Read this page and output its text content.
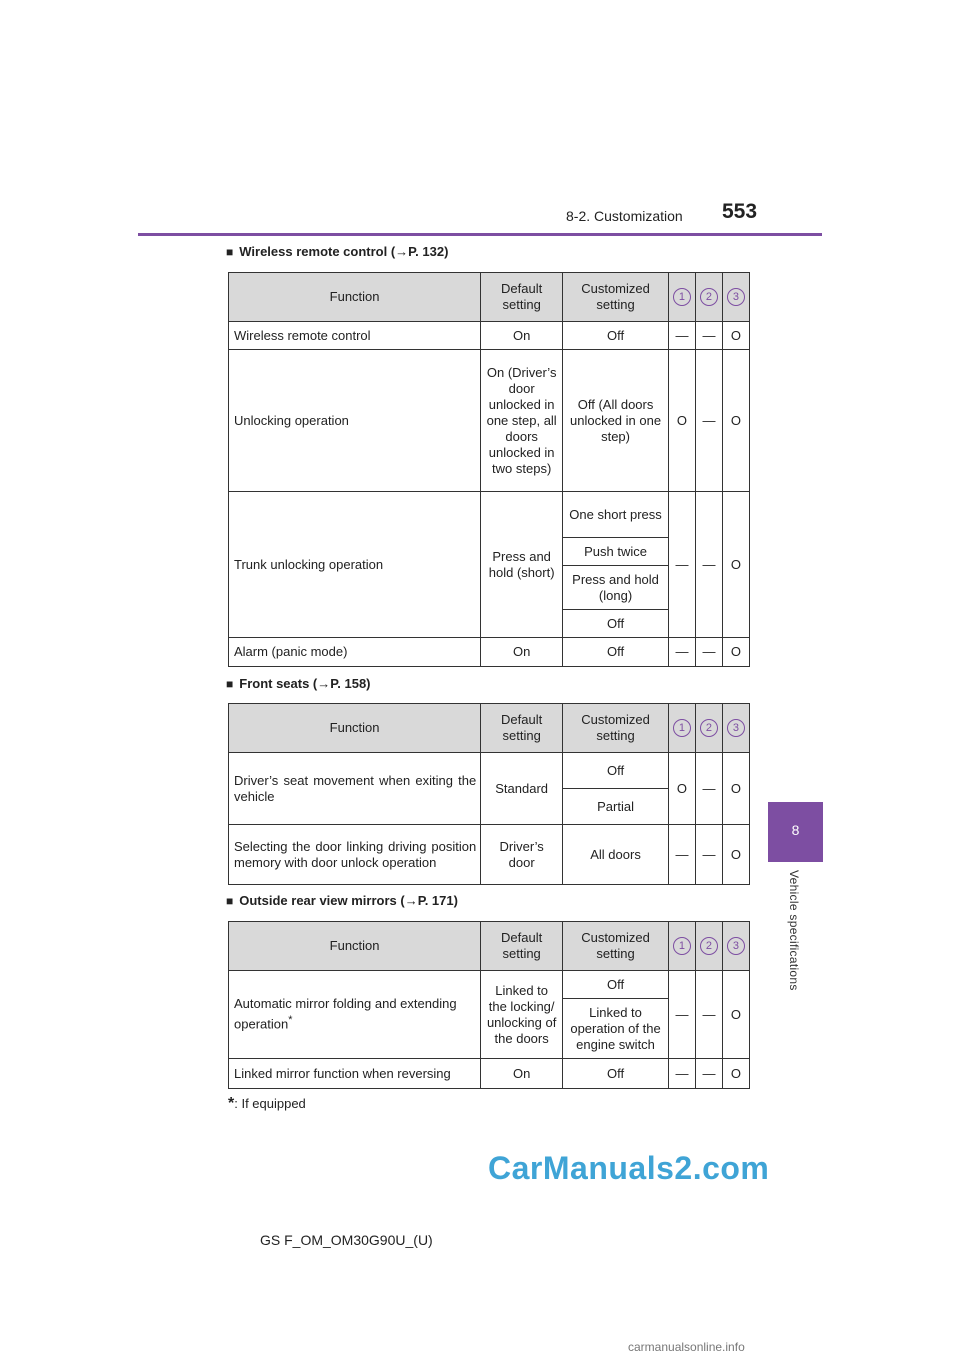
8-2. Customization 553
8
Vehicle specifications
■ Wireless remote control (→P. 132)
Function	Default setting	Customized setting	1	2	3
Wireless remote control	On	Off	—	—	O
Unlocking operation	On (Driver’s door unlocked in one step, all doors unlocked in two steps)	Off (All doors unlocked in one step)	O	—	O
Trunk unlocking operation	Press and hold (short)	One short press	—	—	O
		Push twice			
		Press and hold (long)			
		Off			
Alarm (panic mode)	On	Off	—	—	O
■ Front seats (→P. 158)
Function	Default setting	Customized setting	1	2	3
Driver’s seat movement when exiting the vehicle	Standard	Off	O	—	O
		Partial			
Selecting the door linking driving position memory with door unlock operation	Driver’s door	All doors	—	—	O
■ Outside rear view mirrors (→P. 171)
Function	Default setting	Customized setting	1	2	3
Automatic mirror folding and extending operation*	Linked to the locking/ unlocking of the doors	Off	—	—	O
		Linked to operation of the engine switch			
Linked mirror function when reversing	On	Off	—	—	O
*: If equipped
CarManuals2.com
GS F_OM_OM30G90U_(U)
carmanualsonline.info
